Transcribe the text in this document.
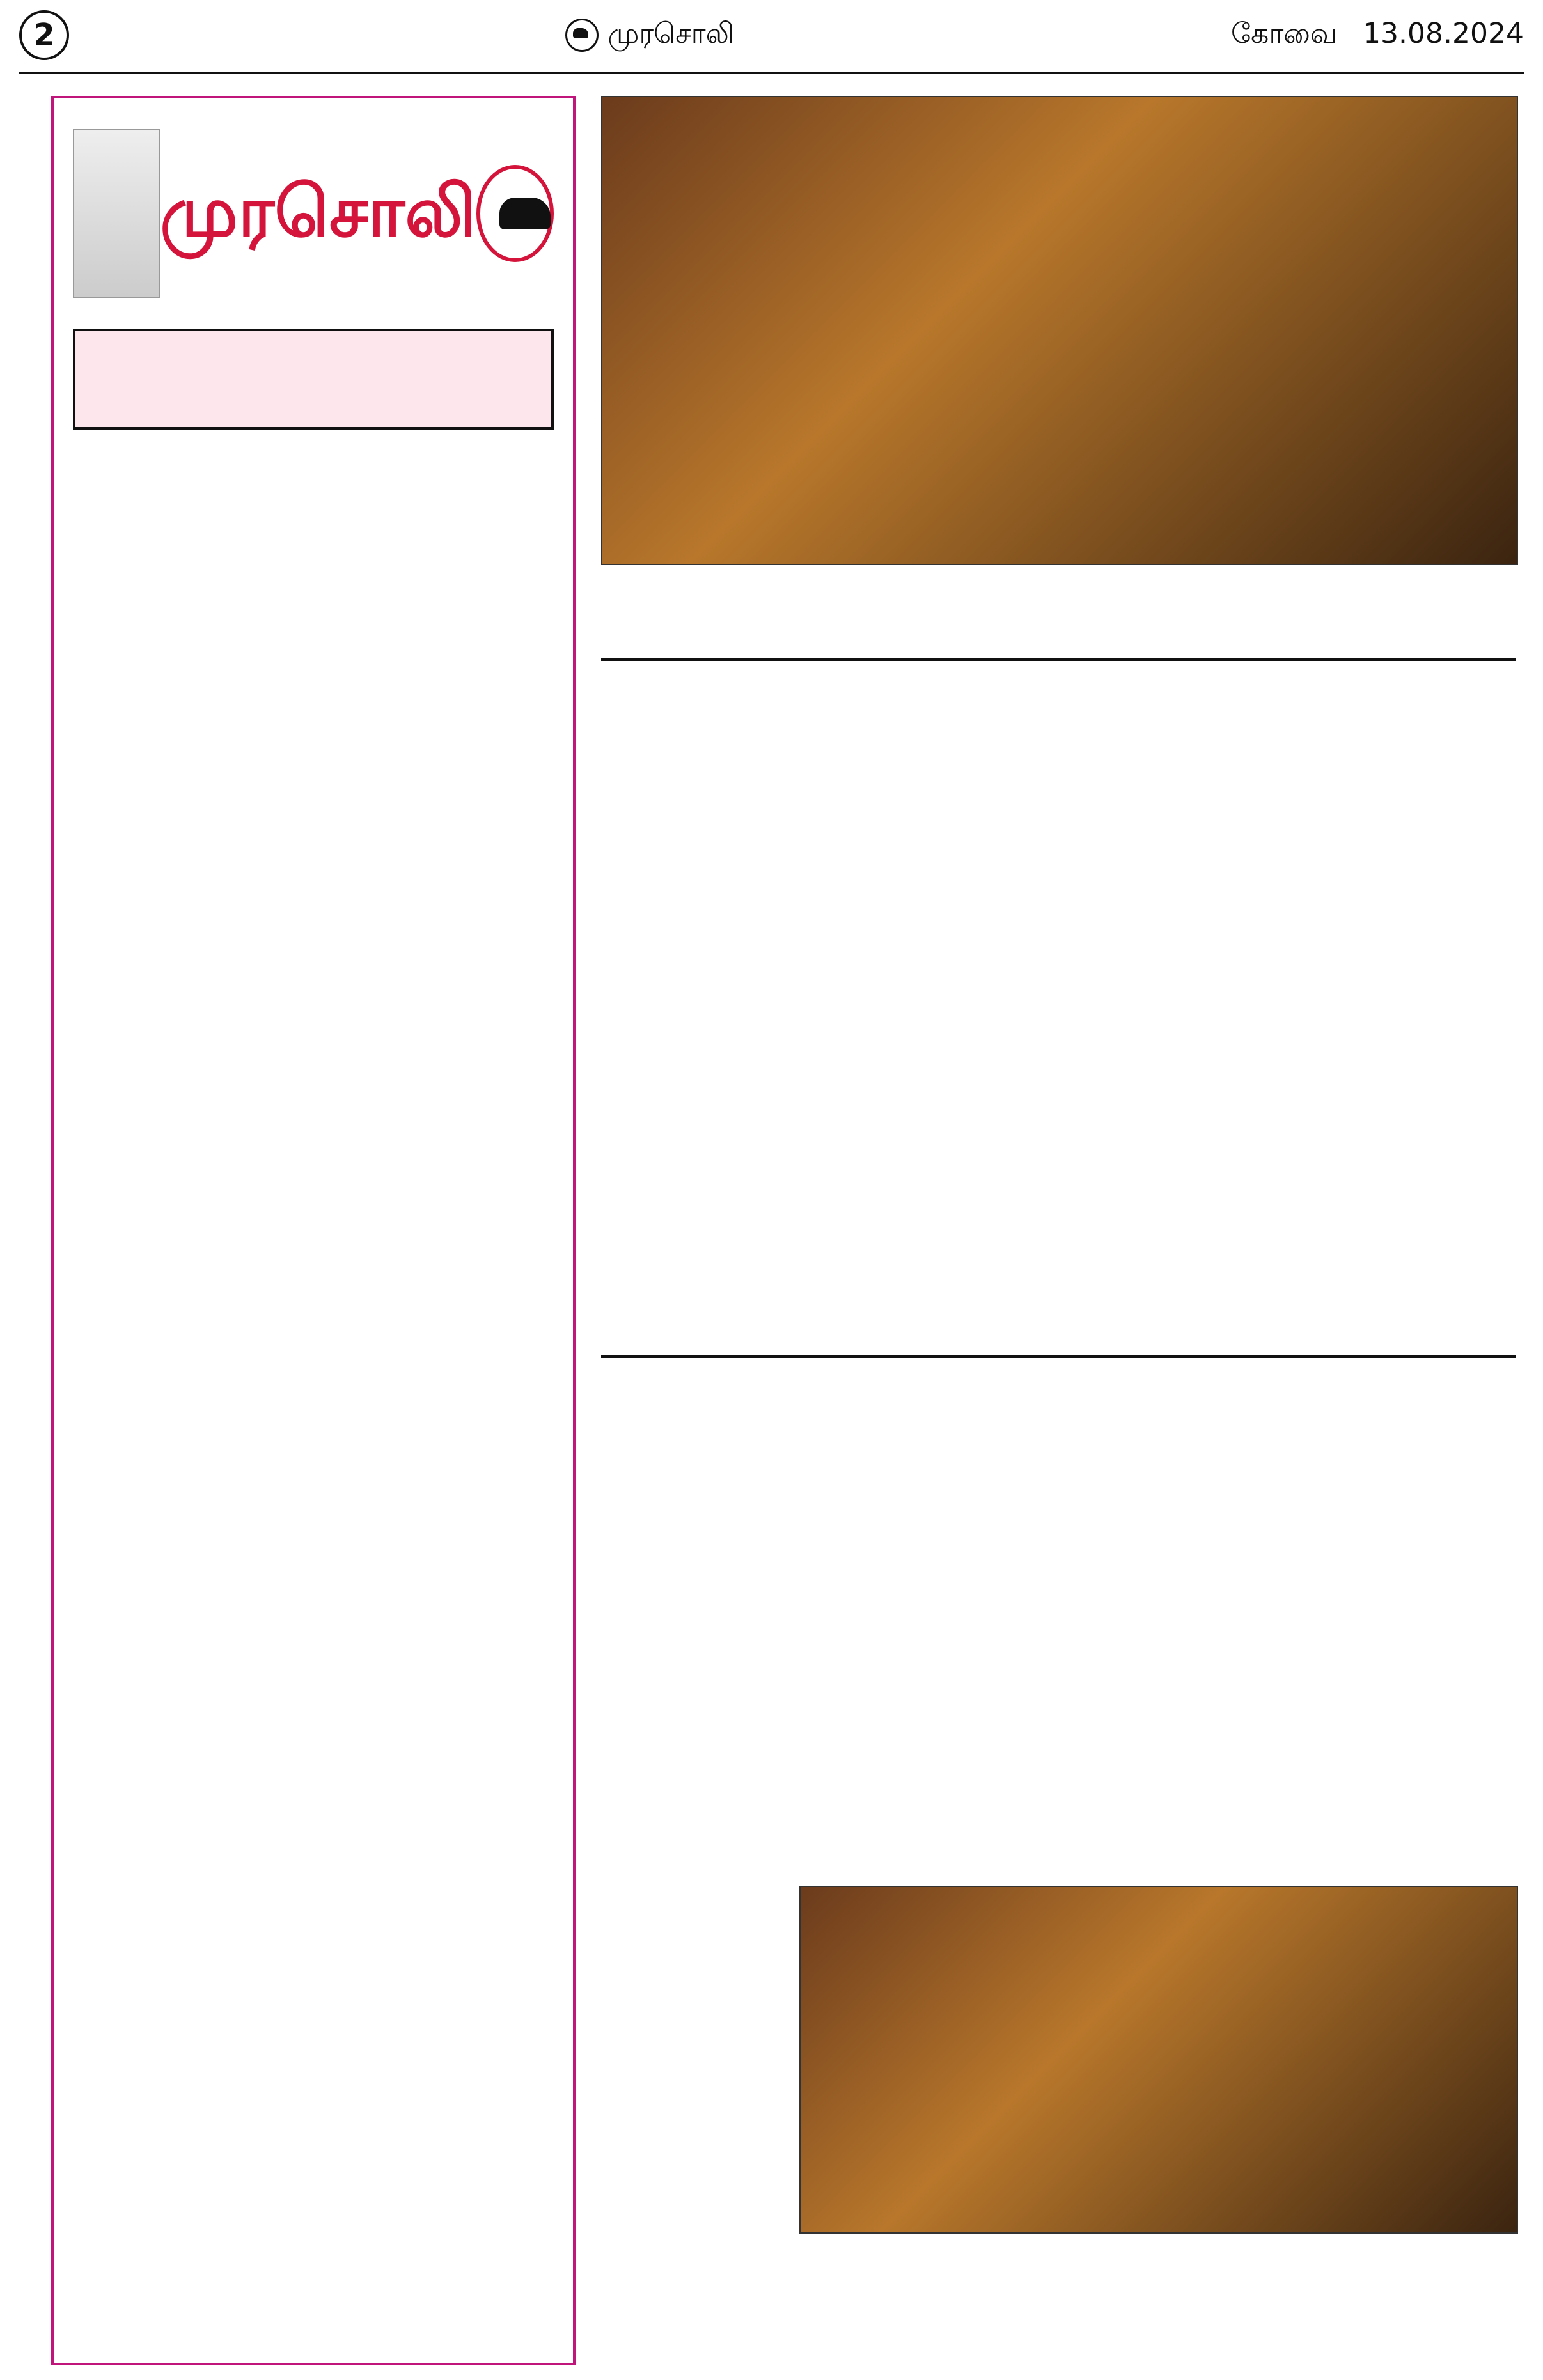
2	முரசொலி	கோவை 13.08.2024
முரசொலி
